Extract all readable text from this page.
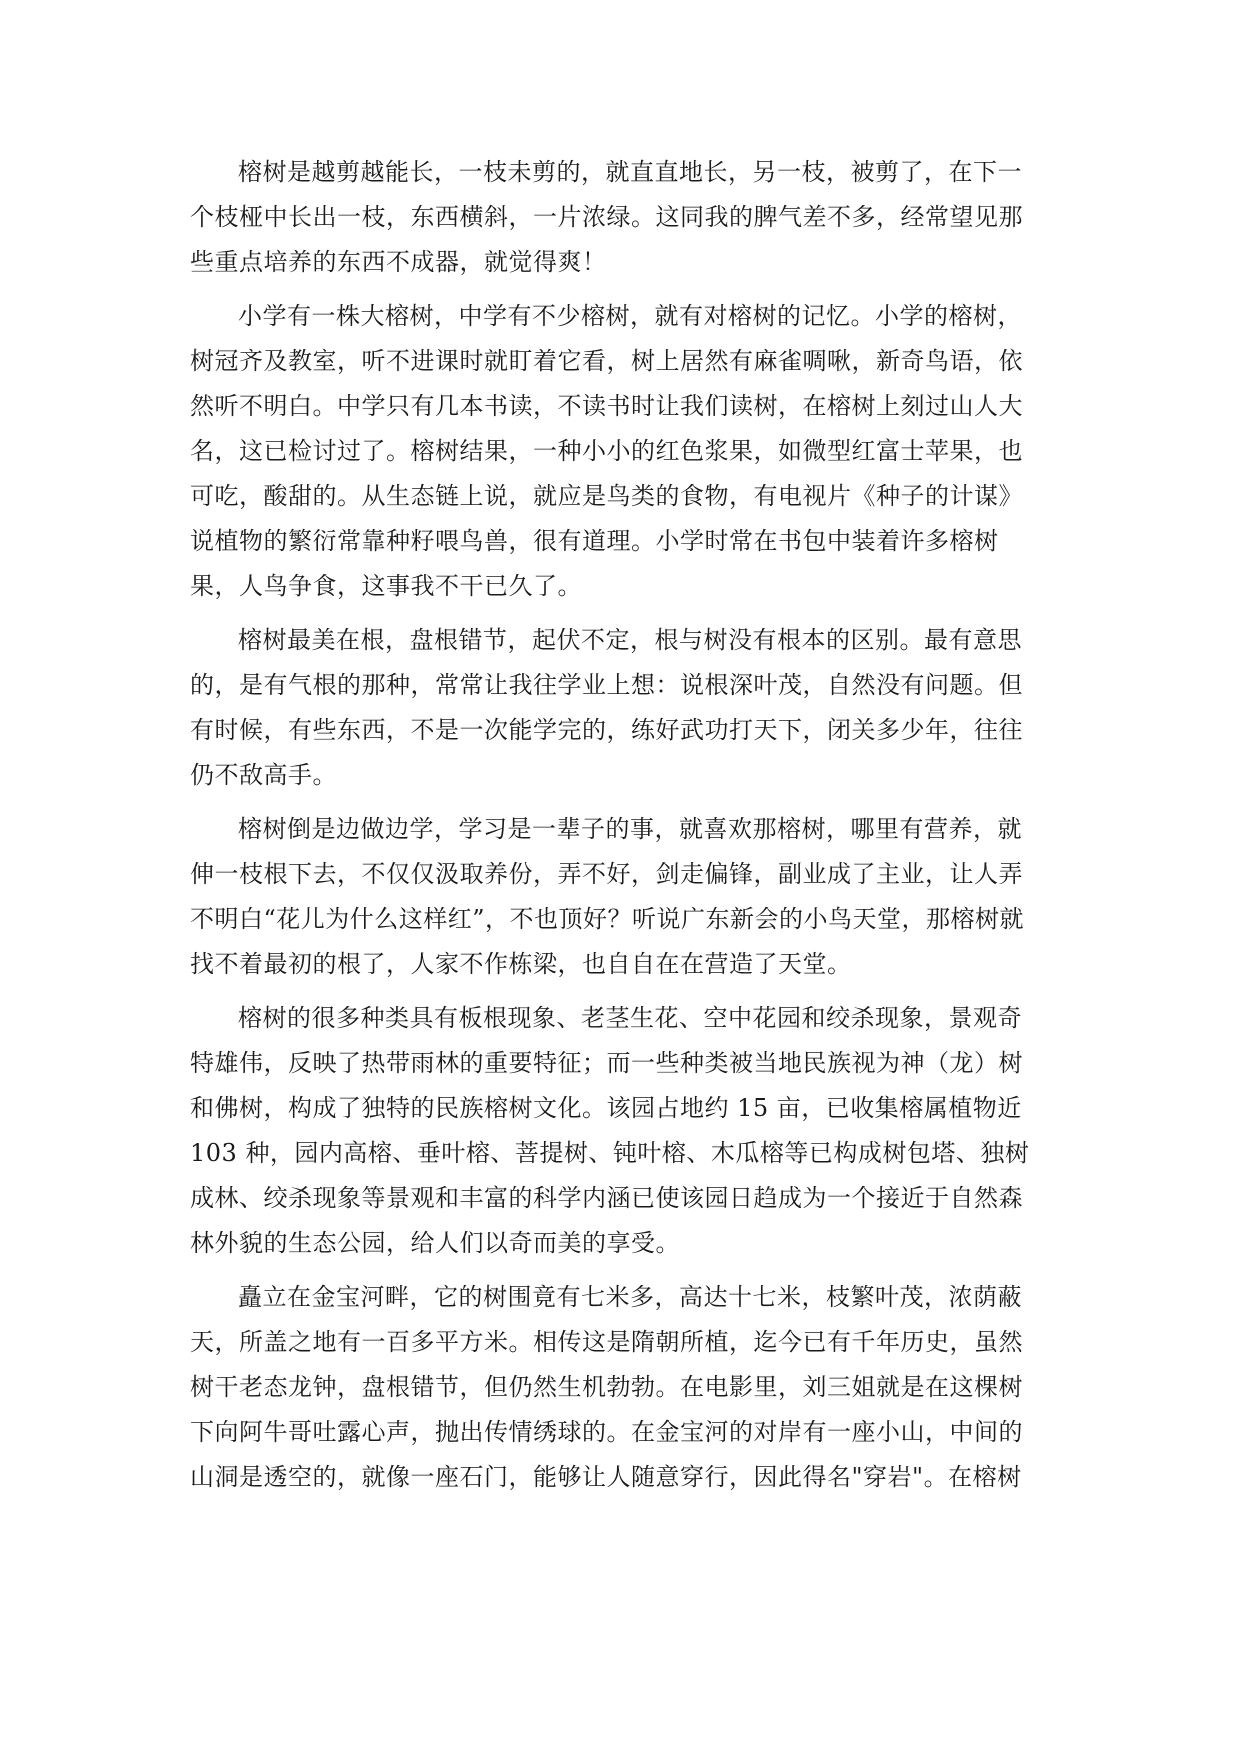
榕树是越剪越能长，一枝未剪的，就直直地长，另一枝，被剪了，在下一
个枝桠中长出一枝，东西横斜，一片浓绿。这同我的脾气差不多，经常望见那
些重点培养的东西不成器，就觉得爽！

小学有一株大榕树，中学有不少榕树，就有对榕树的记忆。小学的榕树，
树冠齐及教室，听不进课时就盯着它看，树上居然有麻雀啁啾，新奇鸟语，依
然听不明白。中学只有几本书读，不读书时让我们读树，在榕树上刻过山人大
名，这已检讨过了。榕树结果，一种小小的红色浆果，如微型红富士苹果，也
可吃，酸甜的。从生态链上说，就应是鸟类的食物，有电视片《种子的计谋》
说植物的繁衍常靠种籽喂鸟兽，很有道理。小学时常在书包中装着许多榕树
果，人鸟争食，这事我不干已久了。

榕树最美在根，盘根错节，起伏不定，根与树没有根本的区别。最有意思
的，是有气根的那种，常常让我往学业上想：说根深叶茂，自然没有问题。但
有时候，有些东西，不是一次能学完的，练好武功打天下，闭关多少年，往往
仍不敌高手。

榕树倒是边做边学，学习是一辈子的事，就喜欢那榕树，哪里有营养，就
伸一枝根下去，不仅仅汲取养份，弄不好，剑走偏锋，副业成了主业，让人弄
不明白“花儿为什么这样红”，不也顶好？听说广东新会的小鸟天堂，那榕树就
找不着最初的根了，人家不作栋梁，也自自在在营造了天堂。

榕树的很多种类具有板根现象、老茎生花、空中花园和绞杀现象，景观奇
特雄伟，反映了热带雨林的重要特征；而一些种类被当地民族视为神（龙）树
和佛树，构成了独特的民族榕树文化。该园占地约 15 亩，已收集榕属植物近
103 种，园内高榕、垂叶榕、菩提树、钝叶榕、木瓜榕等已构成树包塔、独树
成林、绞杀现象等景观和丰富的科学内涵已使该园日趋成为一个接近于自然森
林外貌的生态公园，给人们以奇而美的享受。

矗立在金宝河畔，它的树围竟有七米多，高达十七米，枝繁叶茂，浓荫蔽
天，所盖之地有一百多平方米。相传这是隋朝所植，迄今已有千年历史，虽然
树干老态龙钟，盘根错节，但仍然生机勃勃。在电影里，刘三姐就是在这棵树
下向阿牛哥吐露心声，抛出传情绣球的。在金宝河的对岸有一座小山，中间的
山洞是透空的，就像一座石门，能够让人随意穿行，因此得名"穿岩"。在榕树
